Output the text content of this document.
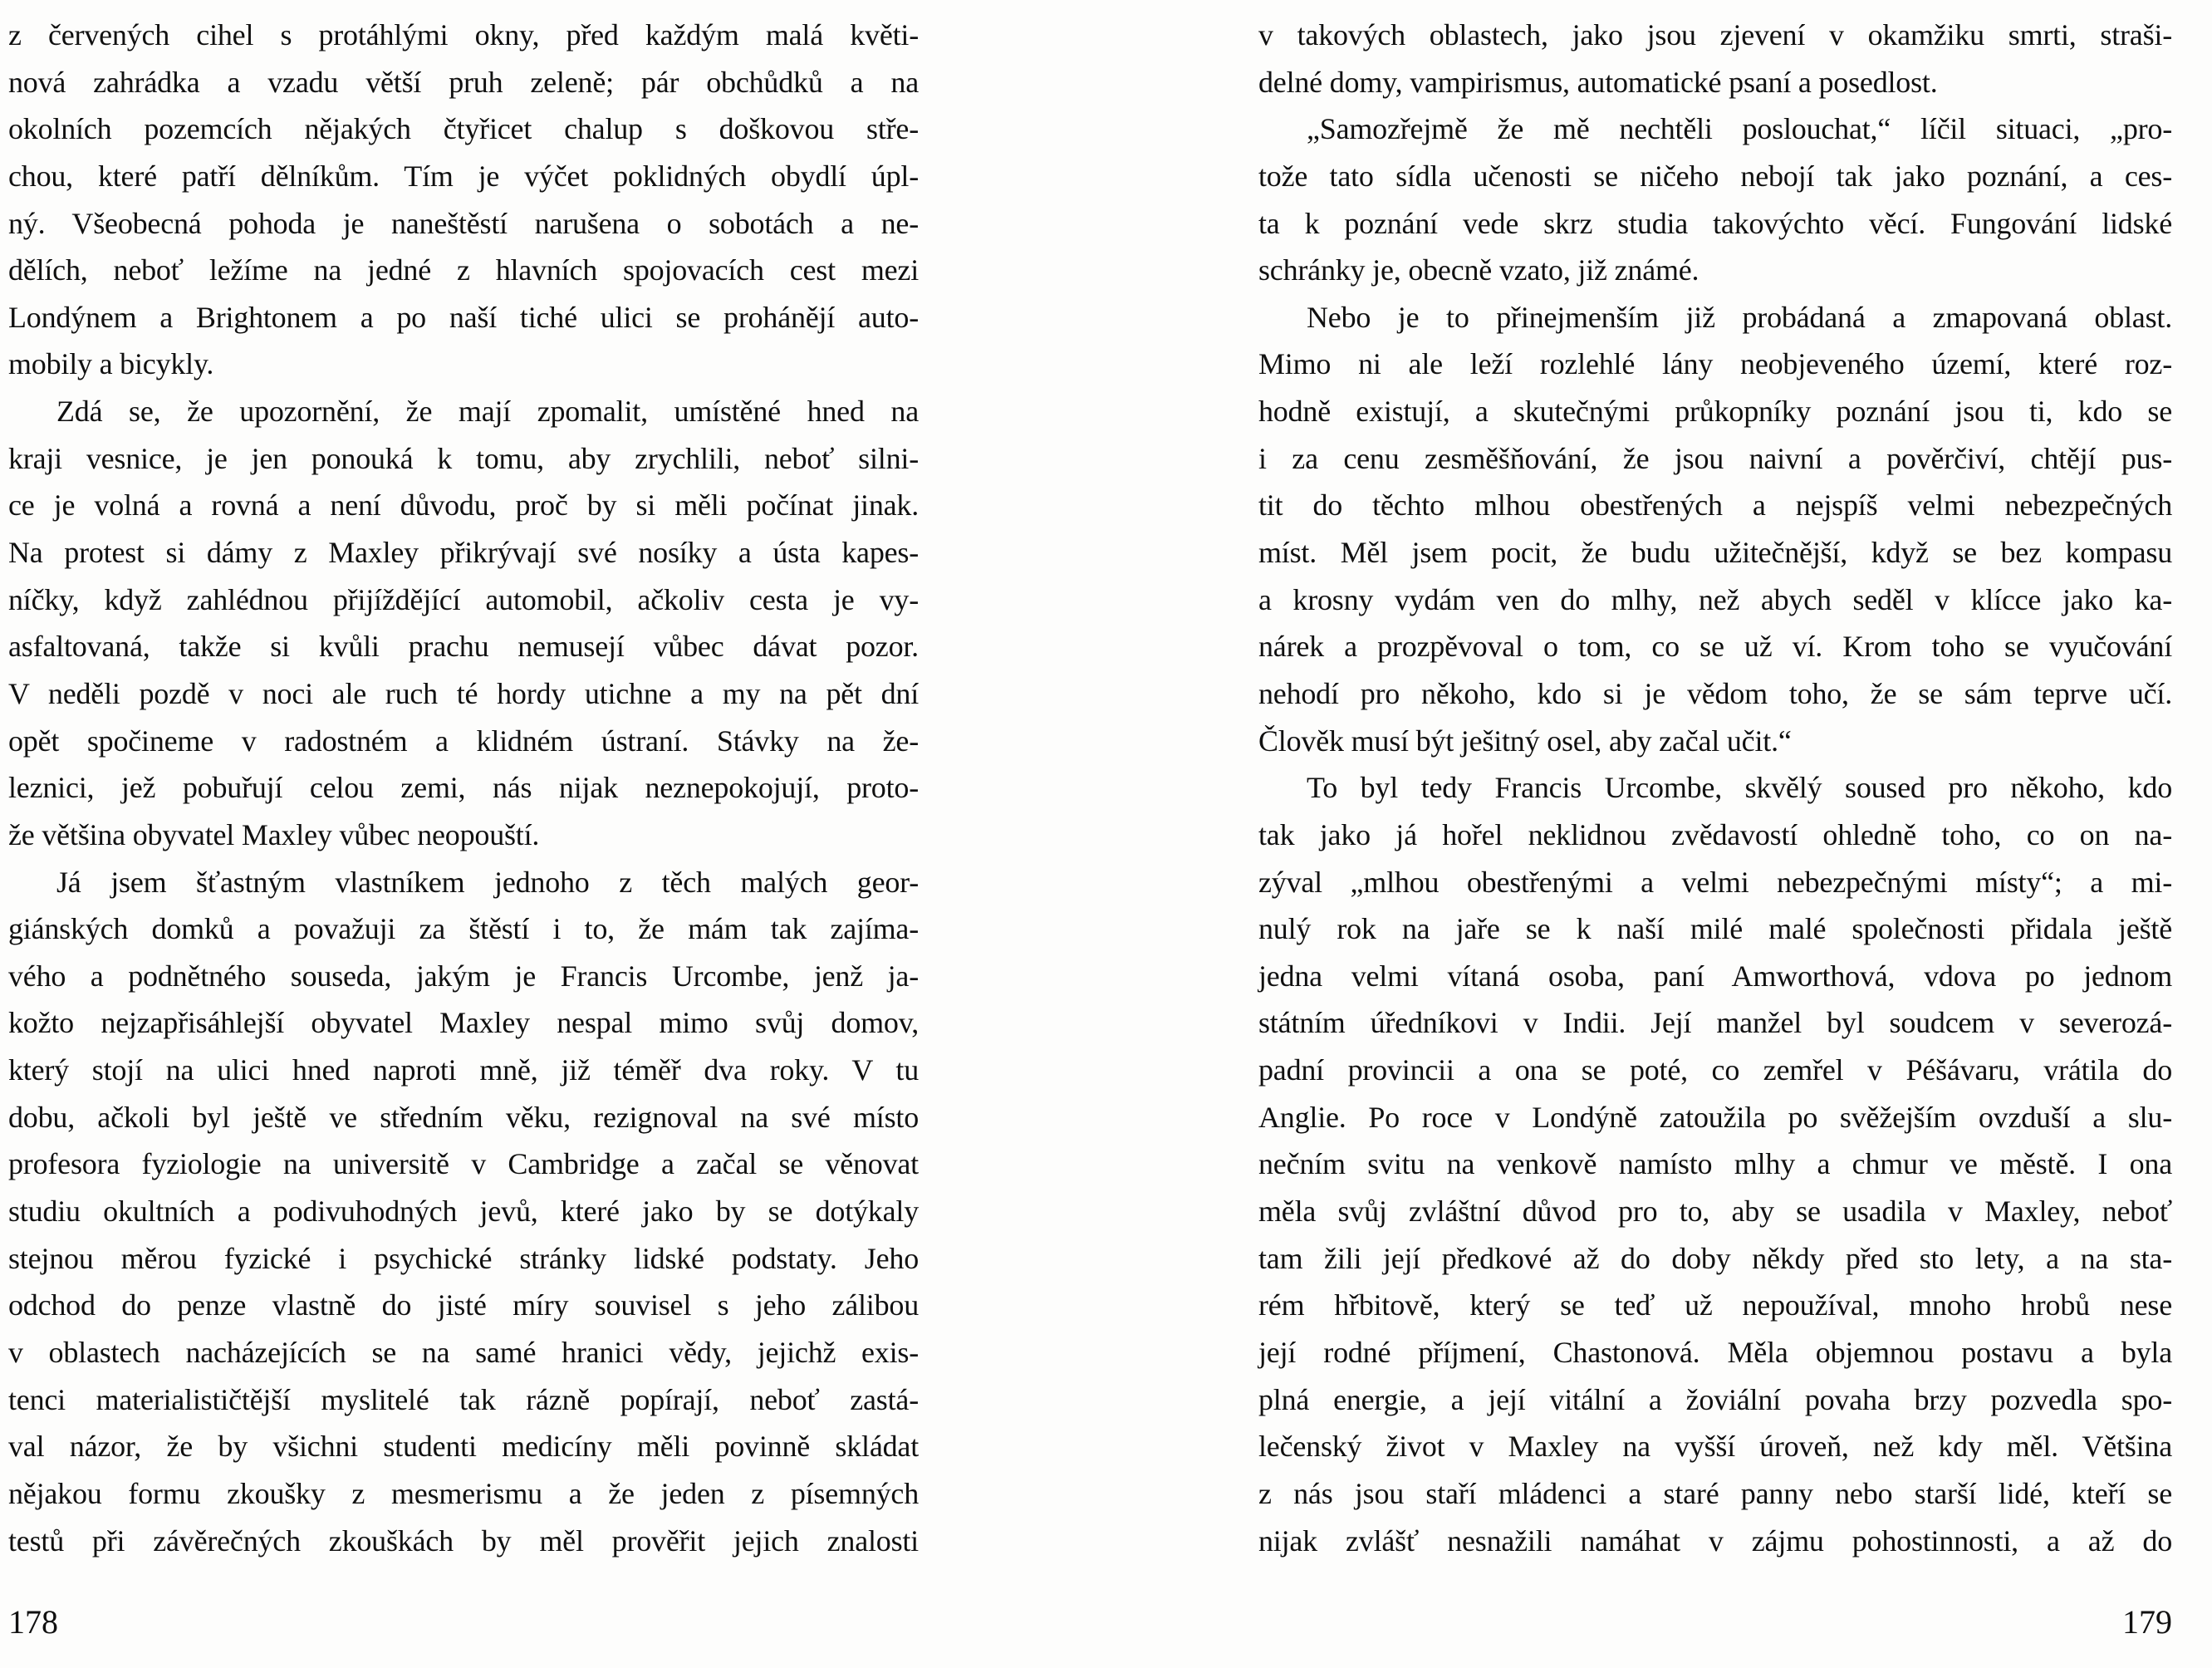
z červených cihel s protáhlými okny, před každým malá květi-
nová zahrádka a vzadu větší pruh zeleně; pár obchůdků a na
okolních pozemcích nějakých čtyřicet chalup s doškovou stře-
chou, které patří dělníkům. Tím je výčet poklidných obydlí úpl-
ný. Všeobecná pohoda je naneštěstí narušena o sobotách a ne-
dělích, neboť ležíme na jedné z hlavních spojovacích cest mezi
Londýnem a Brightonem a po naší tiché ulici se prohánějí auto-
mobily a bicykly.
Zdá se, že upozornění, že mají zpomalit, umístěné hned na
kraji vesnice, je jen ponouká k tomu, aby zrychlili, neboť silni-
ce je volná a rovná a není důvodu, proč by si měli počínat jinak.
Na protest si dámy z Maxley přikrývají své nosíky a ústa kapes-
níčky, když zahlédnou přijíždějící automobil, ačkoliv cesta je vy-
asfaltovaná, takže si kvůli prachu nemusejí vůbec dávat pozor.
V neděli pozdě v noci ale ruch té hordy utichne a my na pět dní
opět spočineme v radostném a klidném ústraní. Stávky na že-
leznici, jež pobuřují celou zemi, nás nijak neznepokojují, proto-
že většina obyvatel Maxley vůbec neopouští.
Já jsem šťastným vlastníkem jednoho z těch malých geor-
giánských domků a považuji za štěstí i to, že mám tak zajíma-
vého a podnětného souseda, jakým je Francis Urcombe, jenž ja-
kožto nejzapřisáhlejší obyvatel Maxley nespal mimo svůj domov,
který stojí na ulici hned naproti mně, již téměř dva roky. V tu
dobu, ačkoli byl ještě ve středním věku, rezignoval na své místo
profesora fyziologie na universitě v Cambridge a začal se věnovat
studiu okultních a podivuhodných jevů, které jako by se dotýkaly
stejnou měrou fyzické i psychické stránky lidské podstaty. Jeho
odchod do penze vlastně do jisté míry souvisel s jeho zálibou
v oblastech nacházejících se na samé hranici vědy, jejichž exis-
tenci materialističtější myslitelé tak rázně popírají, neboť zastá-
val názor, že by všichni studenti medicíny měli povinně skládat
nějakou formu zkoušky z mesmerismu a že jeden z písemných
testů při závěrečných zkouškách by měl prověřit jejich znalosti
178
v takových oblastech, jako jsou zjevení v okamžiku smrti, straši-
delné domy, vampirismus, automatické psaní a posedlost.
„Samozřejmě že mě nechtěli poslouchat,“ líčil situaci, „pro-
tože tato sídla učenosti se ničeho nebojí tak jako poznání, a ces-
ta k poznání vede skrz studia takovýchto věcí. Fungování lidské
schránky je, obecně vzato, již známé.
Nebo je to přinejmenším již probádaná a zmapovaná oblast.
Mimo ni ale leží rozlehlé lány neobjeveného území, které roz-
hodně existují, a skutečnými průkopníky poznání jsou ti, kdo se
i za cenu zesměšňování, že jsou naivní a pověrčiví, chtějí pus-
tit do těchto mlhou obestřených a nejspíš velmi nebezpečných
míst. Měl jsem pocit, že budu užitečnější, když se bez kompasu
a krosny vydám ven do mlhy, než abych seděl v klícce jako ka-
nárek a prozpěvoval o tom, co se už ví. Krom toho se vyučování
nehodí pro někoho, kdo si je vědom toho, že se sám teprve učí.
Člověk musí být ješitný osel, aby začal učit.“
To byl tedy Francis Urcombe, skvělý soused pro někoho, kdo
tak jako já hořel neklidnou zvědavostí ohledně toho, co on na-
zýval „mlhou obestřenými a velmi nebezpečnými místy“; a mi-
nulý rok na jaře se k naší milé malé společnosti přidala ještě
jedna velmi vítaná osoba, paní Amworthová, vdova po jednom
státním úředníkovi v Indii. Její manžel byl soudcem v severozá-
padní provincii a ona se poté, co zemřel v Péšávaru, vrátila do
Anglie. Po roce v Londýně zatoužila po svěžejším ovzduší a slu-
nečním svitu na venkově namísto mlhy a chmur ve městě. I ona
měla svůj zvláštní důvod pro to, aby se usadila v Maxley, neboť
tam žili její předkové až do doby někdy před sto lety, a na sta-
rém hřbitově, který se teď už nepoužíval, mnoho hrobů nese
její rodné příjmení, Chastonová. Měla objemnou postavu a byla
plná energie, a její vitální a žoviální povaha brzy pozvedla spo-
lečenský život v Maxley na vyšší úroveň, než kdy měl. Většina
z nás jsou staří mládenci a staré panny nebo starší lidé, kteří se
nijak zvlášť nesnažili namáhat v zájmu pohostinnosti, a až do
179
